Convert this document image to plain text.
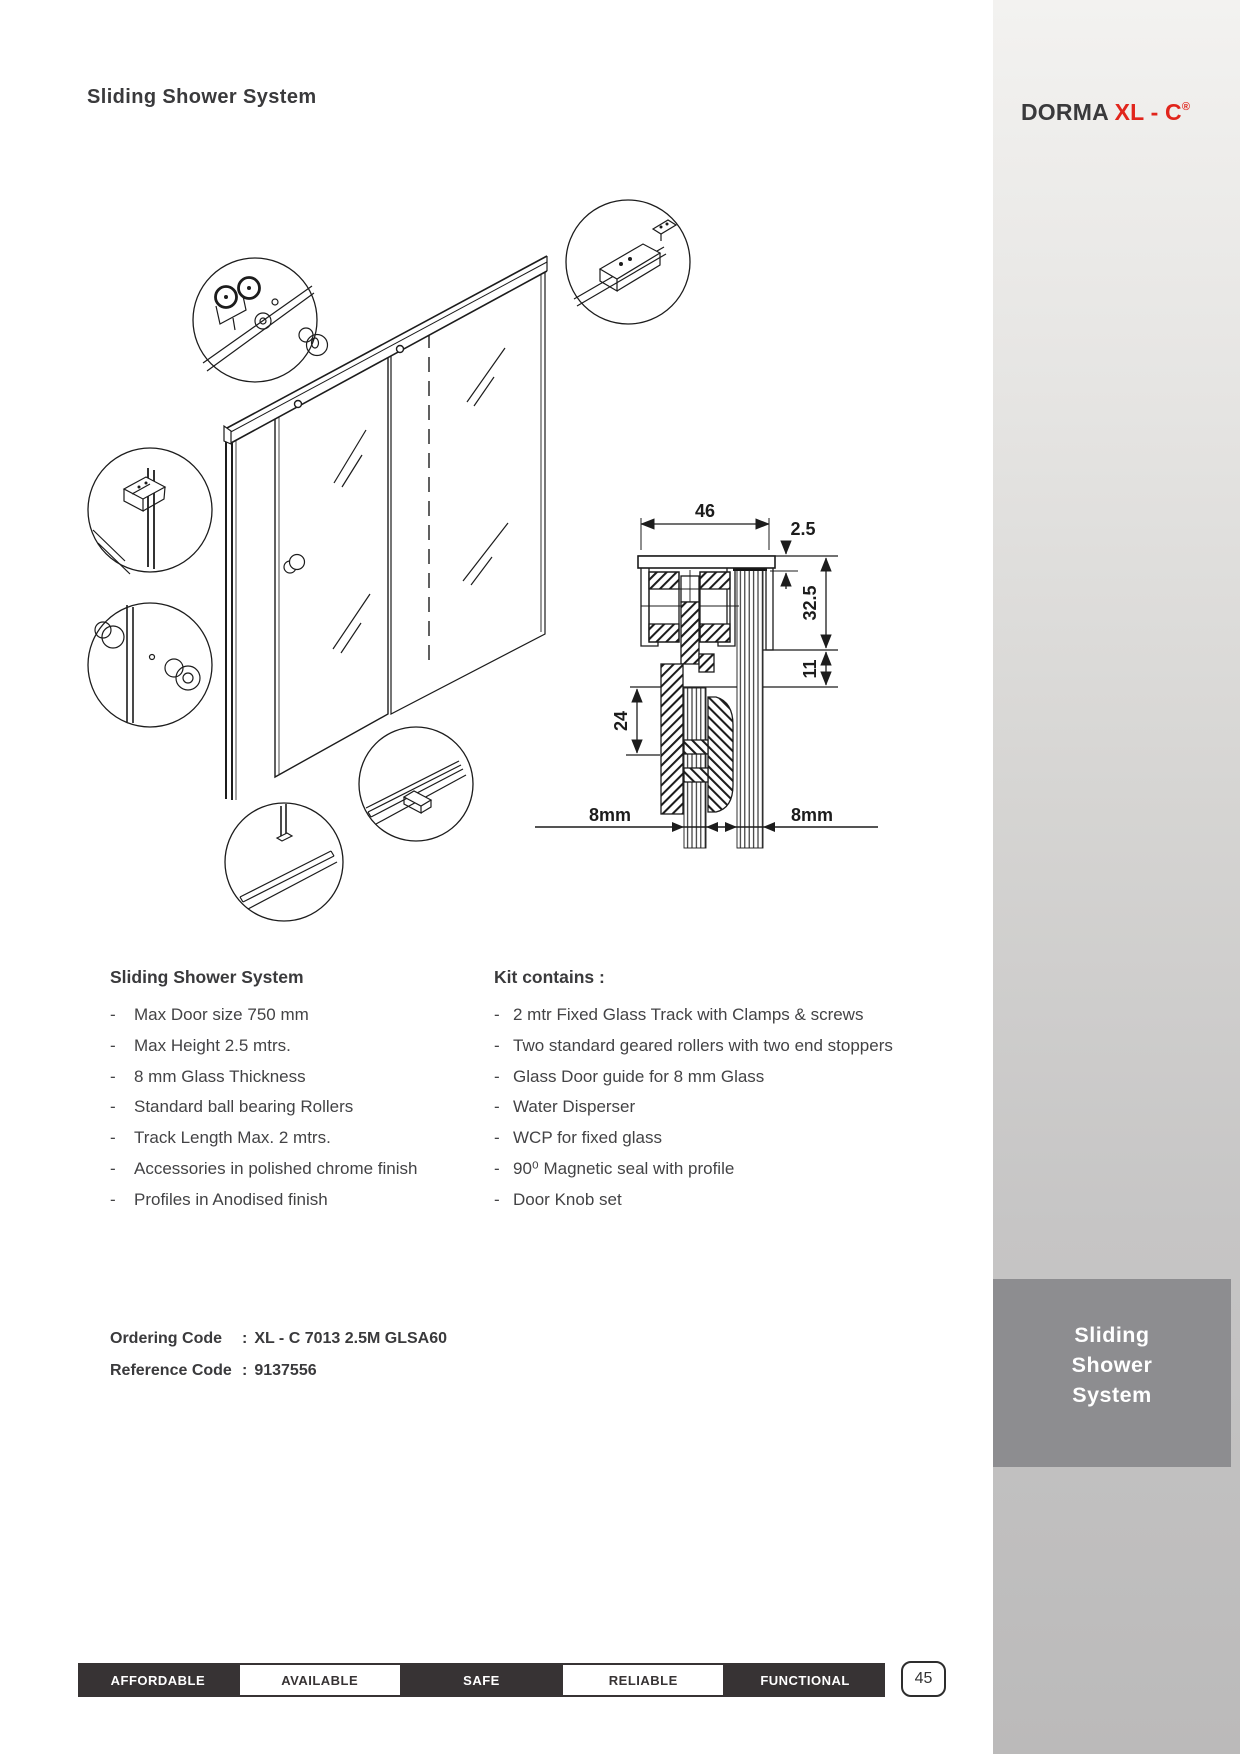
Sliding Shower System
DORMA XL - C®
46
2.5
32.5
11
24
8mm	8mm
Sliding Shower System
-	Max Door size 750 mm
-	Max Height 2.5 mtrs.
-	8 mm Glass Thickness
-	Standard ball bearing Rollers
-	Track Length Max. 2 mtrs.
-	Accessories in polished chrome finish
-	Profiles in Anodised finish
Kit contains :
- 2 mtr Fixed Glass Track with Clamps & screws
- Two standard geared rollers with two end stoppers
- Glass Door guide for 8 mm Glass
- Water Disperser
- WCP for fixed glass
- 90⁰ Magnetic seal with profile
- Door Knob set
Ordering Code	: XL - C 7013 2.5M GLSA60
Reference Code : 9137556
Sliding
Shower
System
AFFORDABLE	AVAILABLE	SAFE	RELIABLE	FUNCTIONAL	45
